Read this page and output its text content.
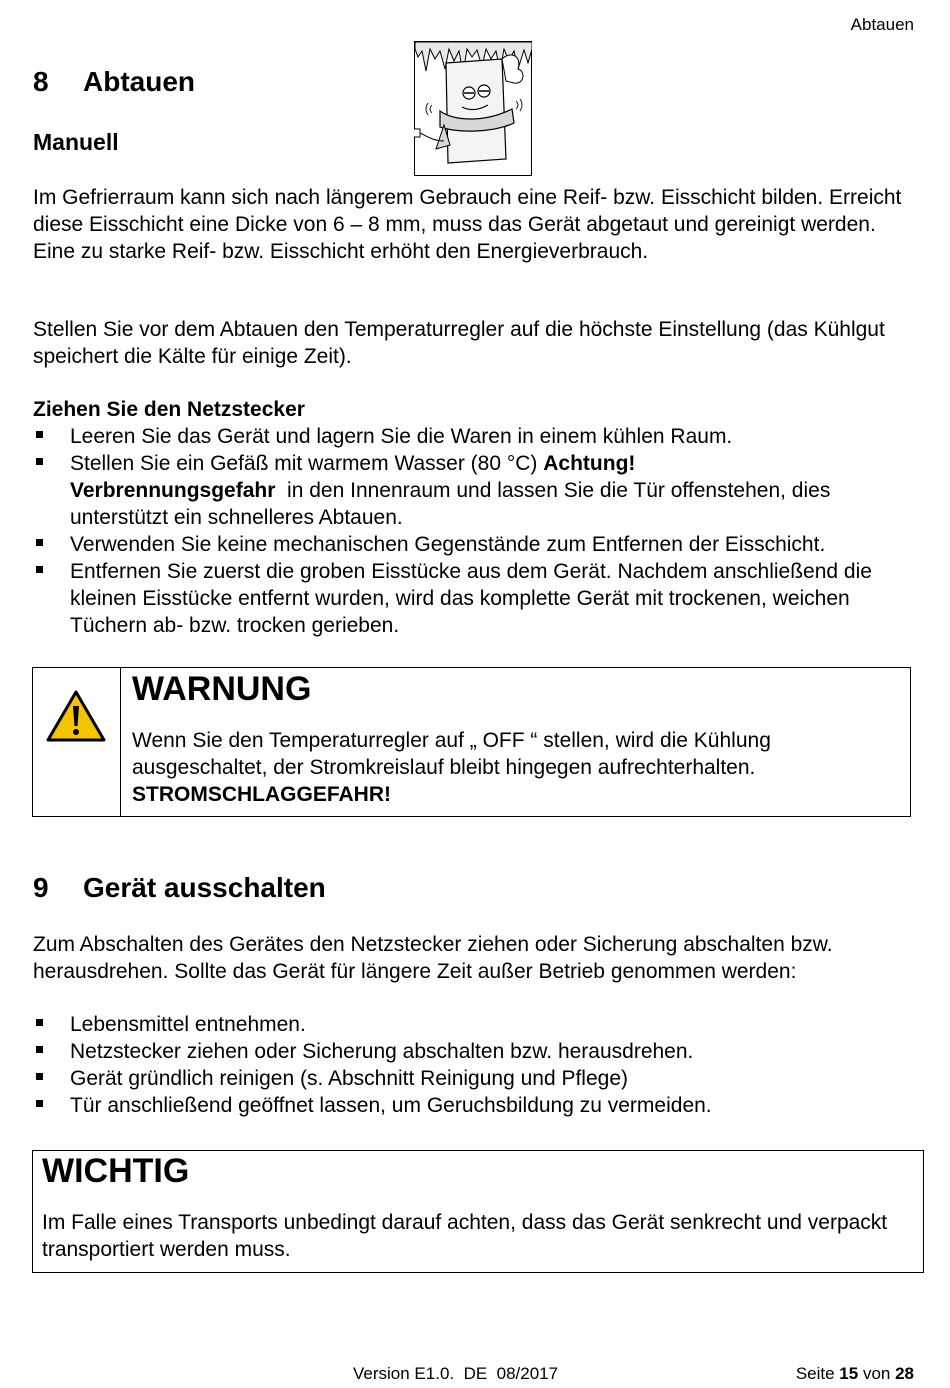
Abtauen
8 Abtauen
Manuell

Im Gefrierraum kann sich nach längerem Gebrauch eine Reif- bzw. Eisschicht bilden. Erreicht diese Eisschicht eine Dicke von 6 – 8 mm, muss das Gerät abgetaut und gereinigt werden. Eine zu starke Reif- bzw. Eisschicht erhöht den Energieverbrauch.

Stellen Sie vor dem Abtauen den Temperaturregler auf die höchste Einstellung (das Kühlgut speichert die Kälte für einige Zeit).

Ziehen Sie den Netzstecker

Leeren Sie das Gerät und lagern Sie die Waren in einem kühlen Raum.
Stellen Sie ein Gefäß mit warmem Wasser (80 °C) Achtung!
Verbrennungsgefahr  in den Innenraum und lassen Sie die Tür offenstehen, dies unterstützt ein schnelleres Abtauen.
Verwenden Sie keine mechanischen Gegenstände zum Entfernen der Eisschicht.
Entfernen Sie zuerst die groben Eisstücke aus dem Gerät. Nachdem anschließend die kleinen Eisstücke entfernt wurden, wird das komplette Gerät mit trockenen, weichen Tüchern ab- bzw. trocken gerieben.
WARNUNG

Wenn Sie den Temperaturregler auf „ OFF “ stellen, wird die Kühlung ausgeschaltet, der Stromkreislauf bleibt hingegen aufrechterhalten.
STROMSCHLAGGEFAHR!

9 Gerät ausschalten

Zum Abschalten des Gerätes den Netzstecker ziehen oder Sicherung abschalten bzw. herausdrehen. Sollte das Gerät für längere Zeit außer Betrieb genommen werden:

Lebensmittel entnehmen.
Netzstecker ziehen oder Sicherung abschalten bzw. herausdrehen.
Gerät gründlich reinigen (s. Abschnitt Reinigung und Pflege)
Tür anschließend geöffnet lassen, um Geruchsbildung zu vermeiden.
WICHTIG

Im Falle eines Transports unbedingt darauf achten, dass das Gerät senkrecht und verpackt transportiert werden muss.

Version E1.0.  DE  08/2017	Seite 15 von 28
